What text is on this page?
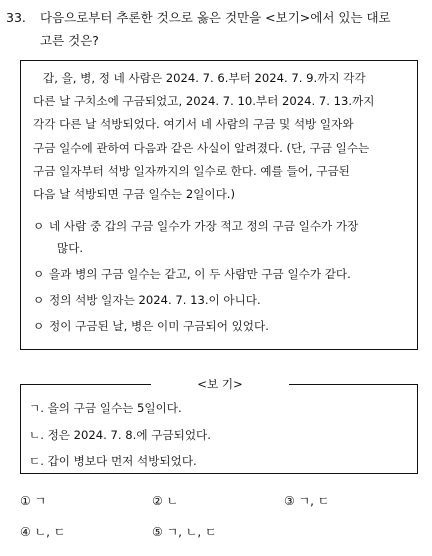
33. 다음으로부터 추론한 것으로 옳은 것만을 <보기>에서 있는 대로
고른 것은?
갑, 을, 병, 정 네 사람은 2024. 7. 6.부터 2024. 7. 9.까지 각각
다른 날 구치소에 구금되었고, 2024. 7. 10.부터 2024. 7. 13.까지
각각 다른 날 석방되었다. 여기서 네 사람의 구금 및 석방 일자와
구금 일수에 관하여 다음과 같은 사실이 알려졌다. (단, 구금 일수는
구금 일자부터 석방 일자까지의 일수로 한다. 예를 들어, 구금된
다음 날 석방되면 구금 일수는 2일이다.)
ㅇ 네 사람 중 갑의 구금 일수가 가장 적고 정의 구금 일수가 가장
많다.
ㅇ 을과 병의 구금 일수는 같고, 이 두 사람만 구금 일수가 같다.
ㅇ 정의 석방 일자는 2024. 7. 13.이 아니다.
ㅇ 정이 구금된 날, 병은 이미 구금되어 있었다.
<보 기>
ㄱ. 을의 구금 일수는 5일이다.
ㄴ. 정은 2024. 7. 8.에 구금되었다.
ㄷ. 갑이 병보다 먼저 석방되었다.
① ㄱ	② ㄴ	③ ㄱ, ㄷ
④ ㄴ, ㄷ	⑤ ㄱ, ㄴ, ㄷ
